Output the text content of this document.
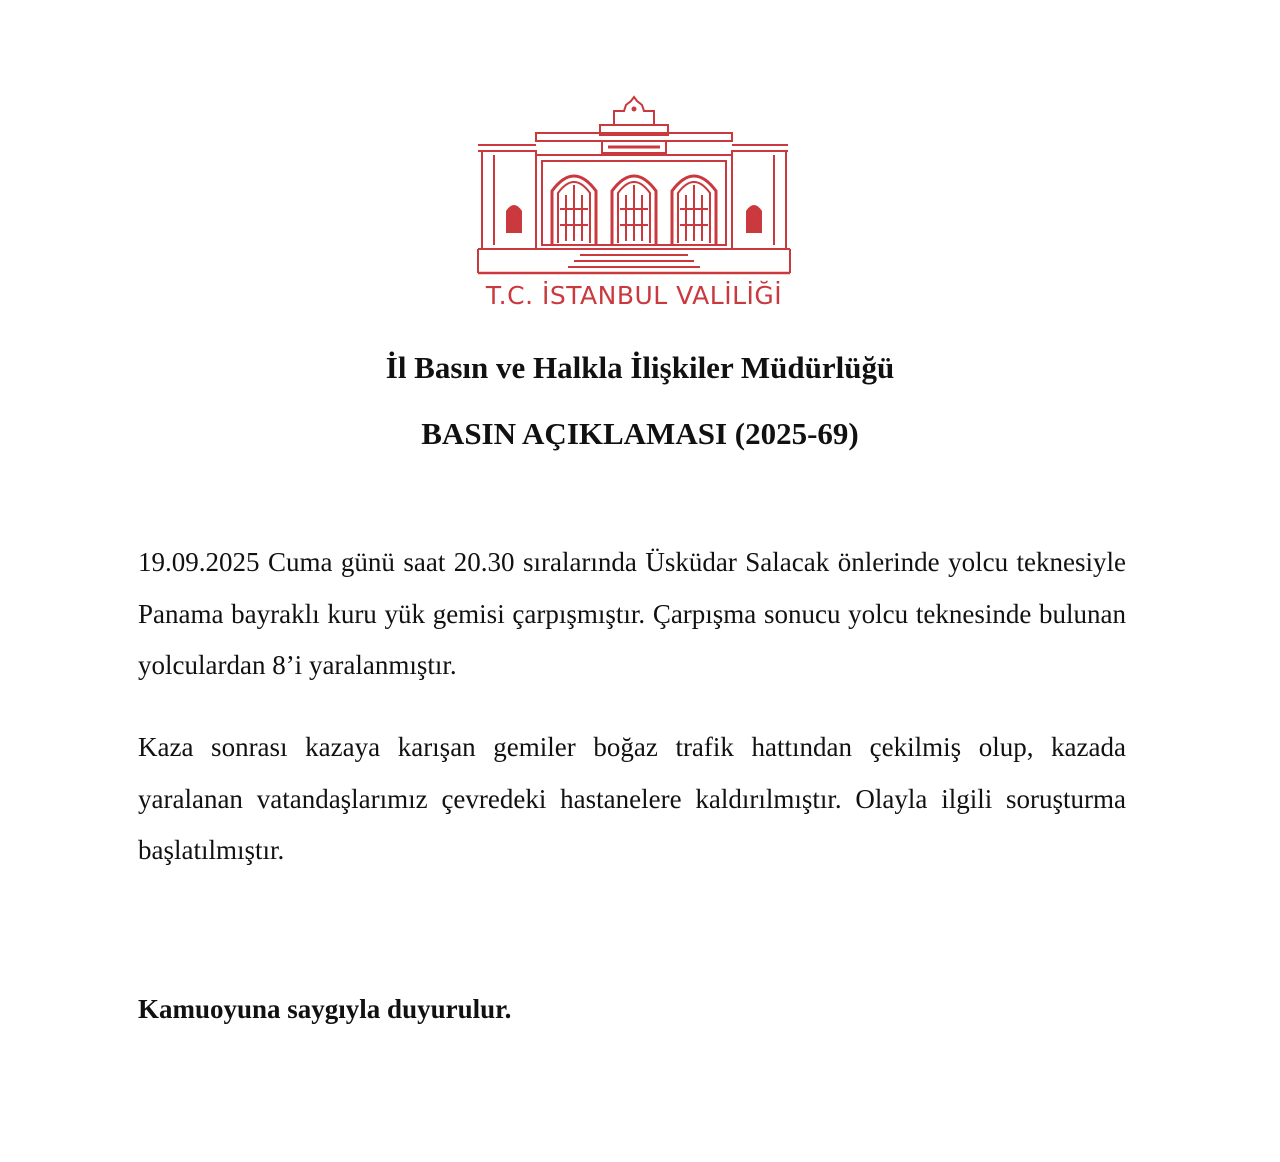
T.C. İSTANBUL VALİLİĞİ
İl Basın ve Halkla İlişkiler Müdürlüğü
BASIN AÇIKLAMASI (2025-69)

19.09.2025 Cuma günü saat 20.30 sıralarında Üsküdar Salacak önlerinde yolcu teknesiyle Panama bayraklı kuru yük gemisi çarpışmıştır. Çarpışma sonucu yolcu teknesinde bulunan yolculardan 8’i yaralanmıştır.

Kaza sonrası kazaya karışan gemiler boğaz trafik hattından çekilmiş olup, kazada yaralanan vatandaşlarımız çevredeki hastanelere kaldırılmıştır. Olayla ilgili soruşturma başlatılmıştır.

Kamuoyuna saygıyla duyurulur.
